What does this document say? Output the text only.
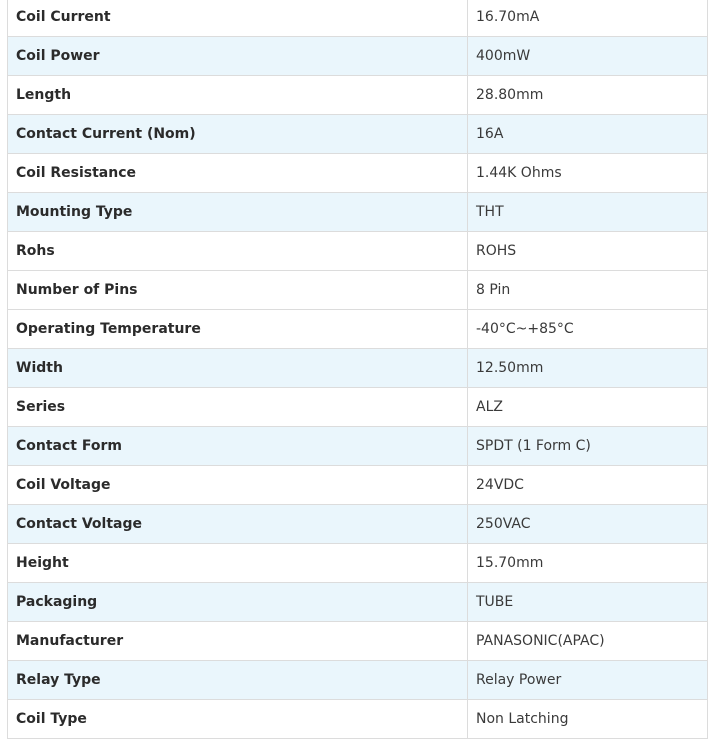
Coil Current	16.70mA
Coil Power	400mW
Length	28.80mm
Contact Current (Nom)	16A
Coil Resistance	1.44K Ohms
Mounting Type	THT
Rohs	ROHS
Number of Pins	8 Pin
Operating Temperature	-40°C~+85°C
Width	12.50mm
Series	ALZ
Contact Form	SPDT (1 Form C)
Coil Voltage	24VDC
Contact Voltage	250VAC
Height	15.70mm
Packaging	TUBE
Manufacturer	PANASONIC(APAC)
Relay Type	Relay Power
Coil Type	Non Latching
